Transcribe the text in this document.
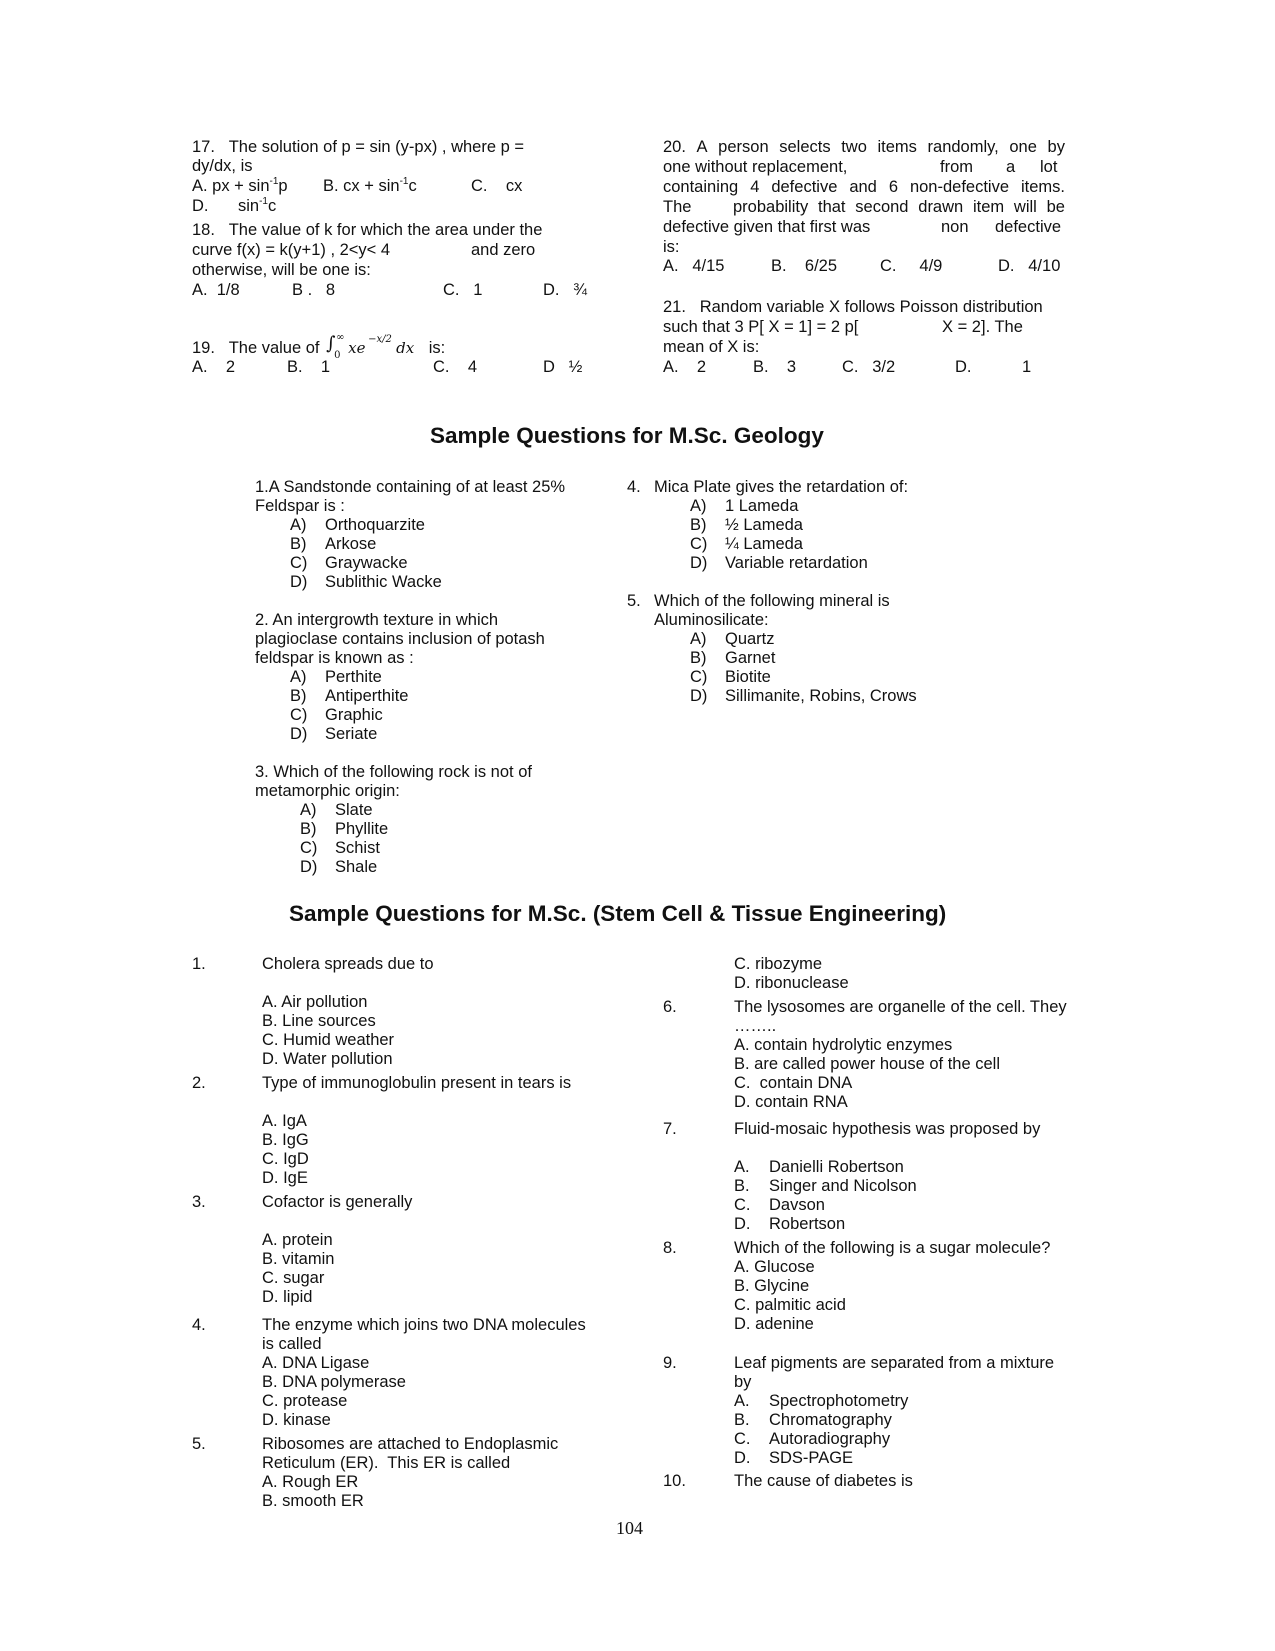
17. The solution of p = sin (y-px) , where p =
dy/dx, is
A. px + $\sin^{-1}p$ B. cx + $\sin^{-1}c$	C.    cx
D. $\sin^{-1}c$
18. The value of k for which the area under the
curve f(x) = k(y+1) , 2<y< 4	and zero
otherwise, will be one is:
A.  1/8	B .   8	C.   1	D.   ¾
19. The value of ∫ ∞
0 xe −x/2 dx is:
A.    2	B.    1	C.    4	D   ½
20. A person selects two items randomly, one by
one without replacement,	from a lot
containing 4 defective and 6 non-defective items.
The	probability that second drawn item will be
defective given that first was	non defective
is:
A.   4/15	B.    6/25	C.     4/9	D.   4/10
21. Random variable X follows Poisson distribution
such that 3 P[ X = 1] = 2 p[	X = 2]. The
mean of X is:
A.    2	B.    3	C.   3/2	D.	1
Sample Questions for M.Sc. Geology
1.A Sandstonde containing of at least 25%
Feldspar is :
A) Orthoquarzite
B) Arkose
C) Graywacke
D) Sublithic Wacke
2. An intergrowth texture in which
plagioclase contains inclusion of potash
feldspar is known as :
A) Perthite
B) Antiperthite
C) Graphic
D) Seriate
3. Which of the following rock is not of
metamorphic origin:
A) Slate
B) Phyllite
C) Schist
D) Shale
4. Mica Plate gives the retardation of:
A) 1 Lameda
B) ½ Lameda
C) ¼ Lameda
D) Variable retardation
5. Which of the following mineral is
Aluminosilicate:
A) Quartz
B) Garnet
C) Biotite
D) Sillimanite, Robins, Crows
Sample Questions for M.Sc. (Stem Cell & Tissue Engineering)
1.	Cholera spreads due to
A. Air pollution
B. Line sources
C. Humid weather
D. Water pollution
2.	Type of immunoglobulin present in tears is
A. IgA
B. IgG
C. IgD
D. IgE
3.	Cofactor is generally
A. protein
B. vitamin
C. sugar
D. lipid
4.	The enzyme which joins two DNA molecules
is called
A. DNA Ligase
B. DNA polymerase
C. protease
D. kinase
5.	Ribosomes are attached to Endoplasmic
Reticulum (ER).  This ER is called
A. Rough ER
B. smooth ER
C. ribozyme
D. ribonuclease
6.	The lysosomes are organelle of the cell. They
……..
A. contain hydrolytic enzymes
B. are called power house of the cell
C.  contain DNA
D. contain RNA
7.	Fluid-mosaic hypothesis was proposed by
A. Danielli Robertson
B. Singer and Nicolson
C. Davson
D. Robertson
8.	Which of the following is a sugar molecule?
A. Glucose
B. Glycine
C. palmitic acid
D. adenine
9.	Leaf pigments are separated from a mixture
by
A. Spectrophotometry
B. Chromatography
C. Autoradiography
D. SDS-PAGE
10.	The cause of diabetes is
104
